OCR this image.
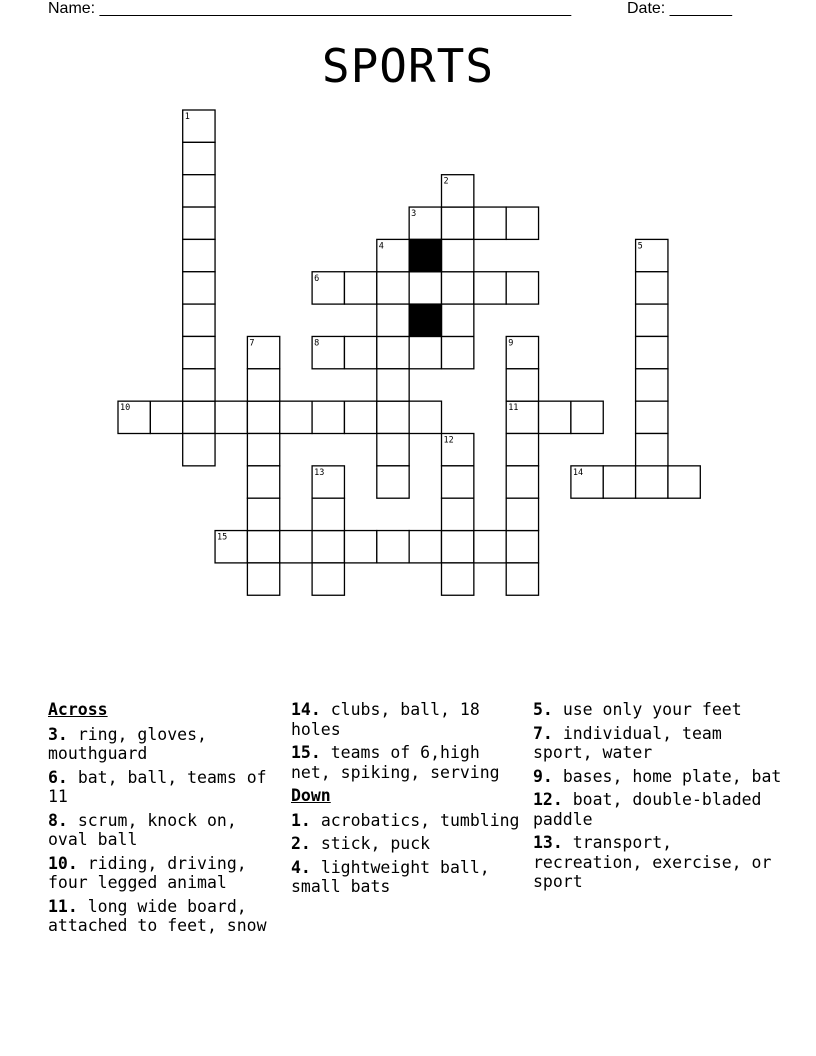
Name: _____________________________________________________	Date: _______
SPORTS
1
2
3
4	5
6
7	8	9
10	11
12
13	14
15
Across
3. ring, gloves, mouthguard
6. bat, ball, teams of 11
8. scrum, knock on, oval ball
10. riding, driving, four legged animal
11. long wide board, attached to feet, snow
14. clubs, ball, 18 holes
15. teams of 6,high net, spiking, serving
Down
1. acrobatics, tumbling
2. stick, puck
4. lightweight ball, small bats
5. use only your feet
7. individual, team sport, water
9. bases, home plate, bat
12. boat, double-bladed paddle
13. transport, recreation, exercise, or sport
